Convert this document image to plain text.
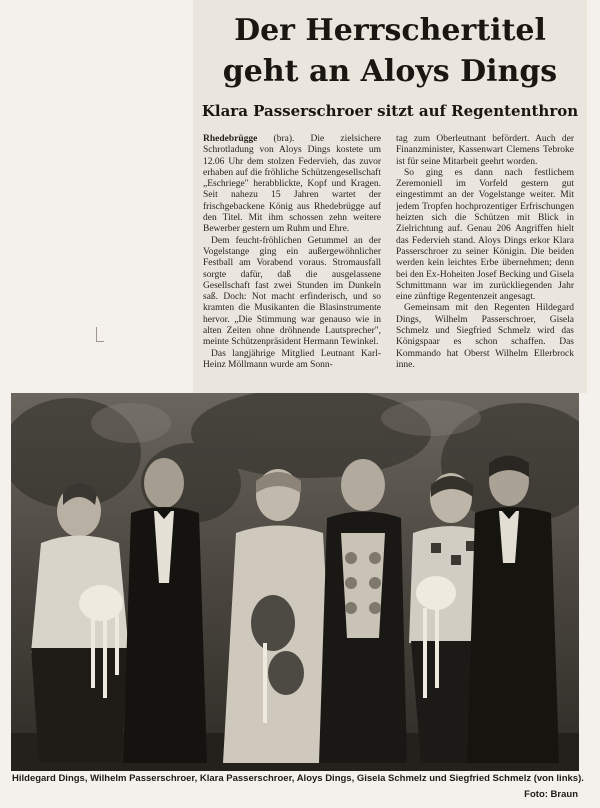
Der Herrschertitel
geht an Aloys Dings
Klara Passerschroer sitzt auf Regententhron

Rhedebrügge (bra). Die zielsichere Schrotladung von Aloys Dings kostete um 12.06 Uhr dem stolzen Federvieh, das zuvor erhaben auf die fröhliche Schützengesellschaft „Eschriege" herabblickte, Kopf und Kragen. Seit nahezu 15 Jahren wartet der frischgebackene König aus Rhedebrügge auf den Titel. Mit ihm schossen zehn weitere Bewerber gestern um Ruhm und Ehre.

Dem feucht-fröhlichen Getummel an der Vogelstange ging ein außergewöhnlicher Festball am Vorabend voraus. Stromausfall sorgte dafür, daß die ausgelassene Gesellschaft fast zwei Stunden im Dunkeln saß. Doch: Not macht erfinderisch, und so kramten die Musikanten die Blasinstrumente hervor. „Die Stimmung war genauso wie in alten Zeiten ohne dröhnende Lautsprecher", meinte Schützenpräsident Hermann Tewinkel.

Das langjährige Mitglied Leutnant Karl-Heinz Möllmann wurde am Sonn-

tag zum Oberleutnant befördert. Auch der Finanzminister, Kassenwart Clemens Tebroke ist für seine Mitarbeit geehrt worden.

So ging es dann nach festlichem Zeremoniell im Vorfeld gestern gut eingestimmt an der Vogelstange weiter. Mit jedem Tropfen hochprozentiger Erfrischungen heizten sich die Schützen mit Blick in Zielrichtung auf. Genau 206 Angriffen hielt das Federvieh stand. Aloys Dings erkor Klara Passerschroer zu seiner Königin. Die beiden werden kein leichtes Erbe übernehmen; denn bei den Ex-Hoheiten Josef Becking und Gisela Schmittmann war im zurückliegenden Jahr eine zünftige Regentenzeit angesagt.

Gemeinsam mit den Regenten Hildegard Dings, Wilhelm Passerschroer, Gisela Schmelz und Siegfried Schmelz wird das Königspaar es schon schaffen. Das Kommando hat Oberst Wilhelm Ellerbrock inne.

Hildegard Dings, Wilhelm Passerschroer, Klara Passerschroer, Aloys Dings, Gisela Schmelz und Siegfried Schmelz (von links).
Foto: Braun
